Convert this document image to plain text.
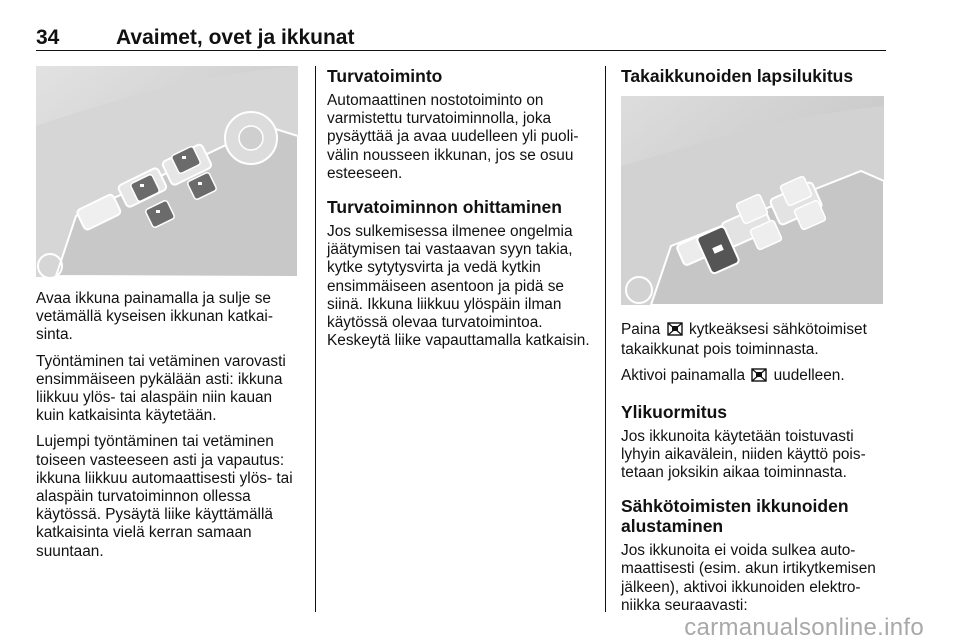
34	Avaimet, ovet ja ikkunat

Avaa ikkuna painamalla ja sulje se vetämällä kyseisen ikkunan katkaisinta.

Työntäminen tai vetäminen varovasti ensimmäiseen pykälään asti: ikkuna liikkuu ylös- tai alaspäin niin kauan kuin katkaisinta käytetään.

Lujempi työntäminen tai vetäminen toiseen vasteeseen asti ja vapautus: ikkuna liikkuu automaattisesti ylös- tai alaspäin turvatoiminnon ollessa käytössä. Pysäytä liike käyttämällä katkaisinta vielä kerran samaan suuntaan.

Turvatoiminto

Automaattinen nostotoiminto on varmistettu turvatoiminnolla, joka pysäyttää ja avaa uudelleen yli puolivälin nousseen ikkunan, jos se osuu esteeseen.

Turvatoiminnon ohittaminen

Jos sulkemisessa ilmenee ongelmia jäätymisen tai vastaavan syyn takia, kytke sytytysvirta ja vedä kytkin ensimmäiseen asentoon ja pidä se siinä. Ikkuna liikkuu ylöspäin ilman käytössä olevaa turvatoimintoa. Keskeytä liike vapauttamalla katkaisin.

Takaikkunoiden lapsilukitus

Paina kytkeäksesi sähkötoimiset takaikkunat pois toiminnasta.

Aktivoi painamalla uudelleen.

Ylikuormitus

Jos ikkunoita käytetään toistuvasti lyhyin aikavälein, niiden käyttö poistetaan joksikin aikaa toiminnasta.

Sähkötoimisten ikkunoiden alustaminen

Jos ikkunoita ei voida sulkea automaattisesti (esim. akun irtikytkemisen jälkeen), aktivoi ikkunoiden elektroniikka seuraavasti:

carmanualsonline.info
